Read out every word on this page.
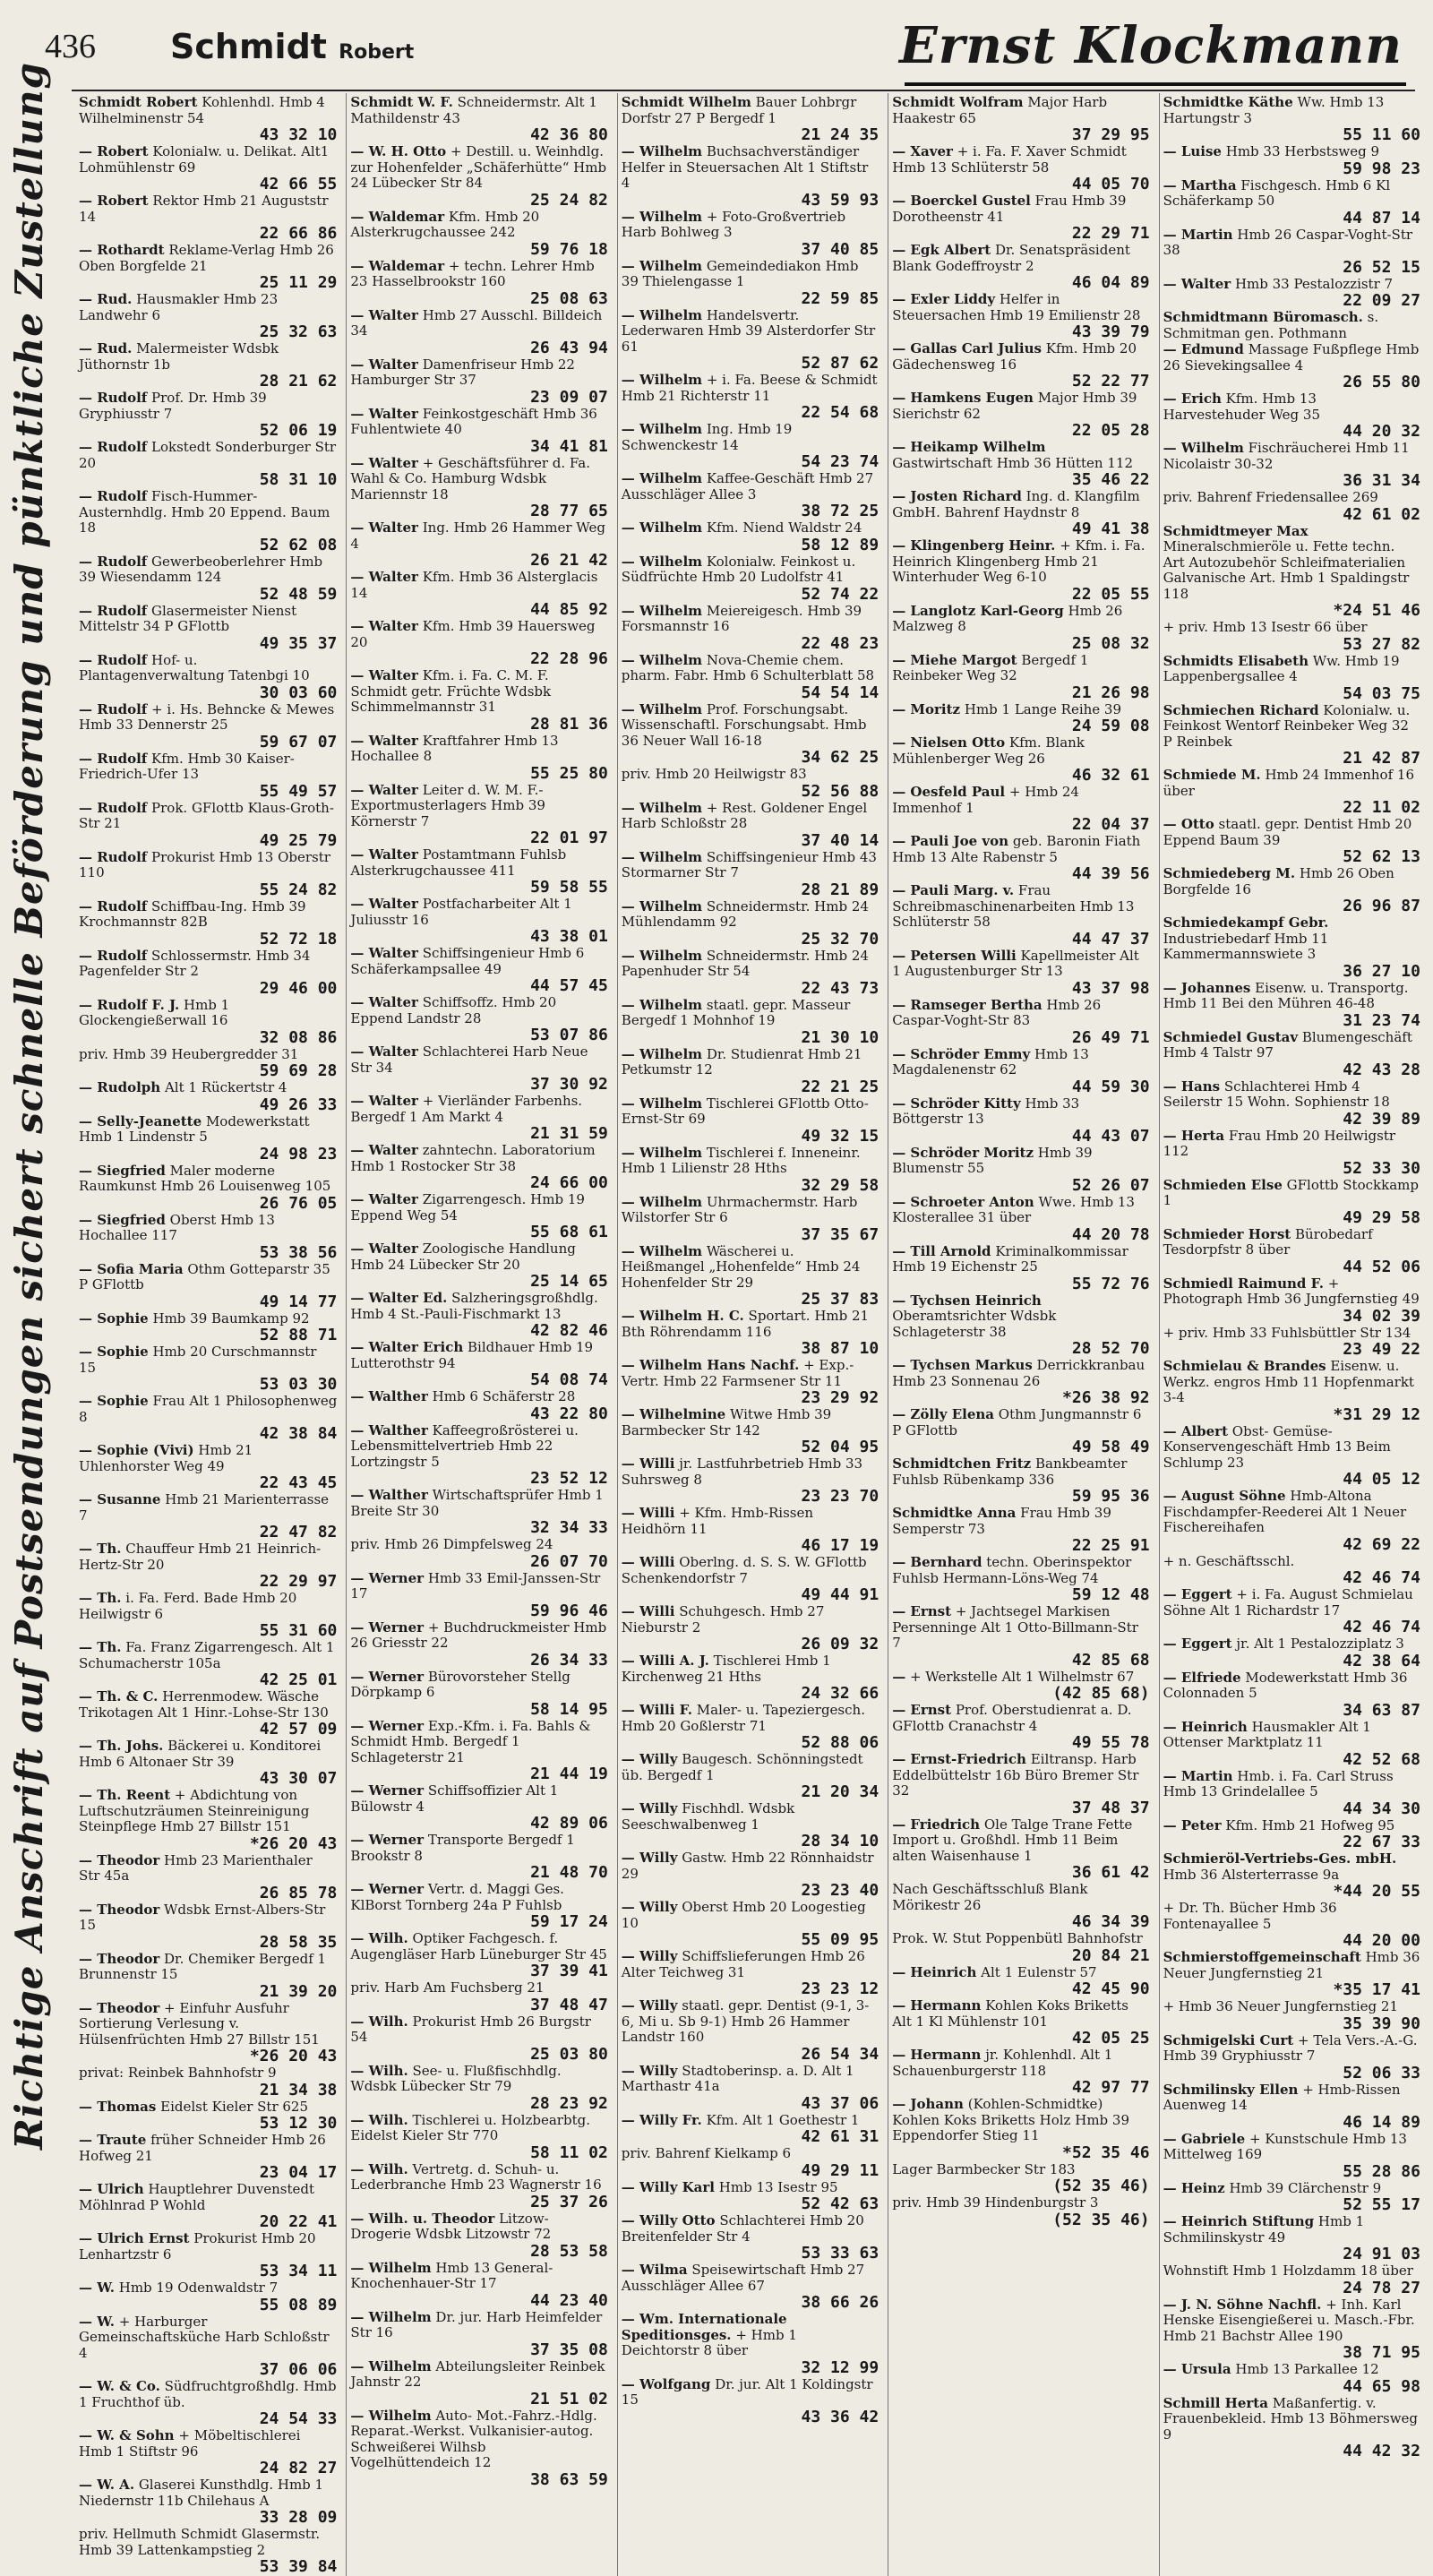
436 Schmidt Robert	Ernst Klockmann
Richtige Anschrift auf Postsendungen sichert schnelle Beförderung und pünktliche Zustellung	Schmidt Robert Kohlenhdl. Hmb 4 Wilhelminenstr 54
43 32 10
— Robert Kolonialw. u. Delikat. Alt1 Lohmühlenstr 69
42 66 55
— Robert Rektor Hmb 21 Auguststr 14
22 66 86
— Rothardt Reklame-Verlag Hmb 26 Oben Borgfelde 21
25 11 29
— Rud. Hausmakler Hmb 23 Landwehr 6
25 32 63
— Rud. Malermeister Wdsbk Jüthornstr 1b
28 21 62
— Rudolf Prof. Dr. Hmb 39 Gryphiusstr 7
52 06 19
— Rudolf Lokstedt Sonderburger Str 20
58 31 10
— Rudolf Fisch-Hummer-Austernhdlg. Hmb 20 Eppend. Baum 18
52 62 08
— Rudolf Gewerbeoberlehrer Hmb 39 Wiesendamm 124
52 48 59
— Rudolf Glasermeister Nienst Mittelstr 34 P GFlottb
49 35 37
— Rudolf Hof- u. Plantagenverwaltung Tatenbgi 10
30 03 60
— Rudolf + i. Hs. Behncke & Mewes Hmb 33 Dennerstr 25
59 67 07
— Rudolf Kfm. Hmb 30 Kaiser-Friedrich-Ufer 13
55 49 57
— Rudolf Prok. GFlottb Klaus-Groth-Str 21
49 25 79
— Rudolf Prokurist Hmb 13 Oberstr 110
55 24 82
— Rudolf Schiffbau-Ing. Hmb 39 Krochmannstr 82B
52 72 18
— Rudolf Schlossermstr. Hmb 34 Pagenfelder Str 2
29 46 00
— Rudolf F. J. Hmb 1 Glockengießerwall 16
32 08 86
priv. Hmb 39 Heubergredder 31
59 69 28
— Rudolph Alt 1 Rückertstr 4
49 26 33
— Selly-Jeanette Modewerkstatt Hmb 1 Lindenstr 5
24 98 23
— Siegfried Maler moderne Raumkunst Hmb 26 Louisenweg 105
26 76 05
— Siegfried Oberst Hmb 13 Hochallee 117
53 38 56
— Sofia Maria Othm Gotteparstr 35 P GFlottb
49 14 77
— Sophie Hmb 39 Baumkamp 92
52 88 71
— Sophie Hmb 20 Curschmannstr 15
53 03 30
— Sophie Frau Alt 1 Philosophenweg 8
42 38 84
— Sophie (Vivi) Hmb 21 Uhlenhorster Weg 49
22 43 45
— Susanne Hmb 21 Marienterrasse 7
22 47 82
— Th. Chauffeur Hmb 21 Heinrich-Hertz-Str 20
22 29 97
— Th. i. Fa. Ferd. Bade Hmb 20 Heilwigstr 6
55 31 60
— Th. Fa. Franz Zigarrengesch. Alt 1 Schumacherstr 105a
42 25 01
— Th. & C. Herrenmodew. Wäsche Trikotagen Alt 1 Hinr.-Lohse-Str 130
42 57 09
— Th. Johs. Bäckerei u. Konditorei Hmb 6 Altonaer Str 39
43 30 07
— Th. Reent + Abdichtung von Luftschutzräumen Steinreinigung Steinpflege Hmb 27 Billstr 151
*26 20 43
— Theodor Hmb 23 Marienthaler Str 45a
26 85 78
— Theodor Wdsbk Ernst-Albers-Str 15
28 58 35
— Theodor Dr. Chemiker Bergedf 1 Brunnenstr 15
21 39 20
— Theodor + Einfuhr Ausfuhr Sortierung Verlesung v. Hülsenfrüchten Hmb 27 Billstr 151
*26 20 43
privat: Reinbek Bahnhofstr 9
21 34 38
— Thomas Eidelst Kieler Str 625
53 12 30
— Traute früher Schneider Hmb 26 Hofweg 21
23 04 17
— Ulrich Hauptlehrer Duvenstedt Möhlnrad P Wohld
20 22 41
— Ulrich Ernst Prokurist Hmb 20 Lenhartzstr 6
53 34 11
— W. Hmb 19 Odenwaldstr 7
55 08 89
— W. + Harburger Gemeinschaftsküche Harb Schloßstr 4
37 06 06
— W. & Co. Südfruchtgroßhdlg. Hmb 1 Fruchthof üb.
24 54 33
— W. & Sohn + Möbeltischlerei Hmb 1 Stiftstr 96
24 82 27
— W. A. Glaserei Kunsthdlg. Hmb 1 Niedernstr 11b Chilehaus A
33 28 09
priv. Hellmuth Schmidt Glasermstr. Hmb 39 Lattenkampstieg 2
53 39 84
Schmidt W. F. Schneidermstr. Alt 1 Mathildenstr 43
42 36 80
— W. H. Otto + Destill. u. Weinhdlg. zur Hohenfelder „Schäferhütte“ Hmb 24 Lübecker Str 84
25 24 82
— Waldemar Kfm. Hmb 20 Alsterkrugchaussee 242
59 76 18
— Waldemar + techn. Lehrer Hmb 23 Hasselbrookstr 160
25 08 63
— Walter Hmb 27 Ausschl. Billdeich 34
26 43 94
— Walter Damenfriseur Hmb 22 Hamburger Str 37
23 09 07
— Walter Feinkostgeschäft Hmb 36 Fuhlentwiete 40
34 41 81
— Walter + Geschäftsführer d. Fa. Wahl & Co. Hamburg Wdsbk Mariennstr 18
28 77 65
— Walter Ing. Hmb 26 Hammer Weg 4
26 21 42
— Walter Kfm. Hmb 36 Alsterglacis 14
44 85 92
— Walter Kfm. Hmb 39 Hauersweg 20
22 28 96
— Walter Kfm. i. Fa. C. M. F. Schmidt getr. Früchte Wdsbk Schimmelmannstr 31
28 81 36
— Walter Kraftfahrer Hmb 13 Hochallee 8
55 25 80
— Walter Leiter d. W. M. F.-Exportmusterlagers Hmb 39 Körnerstr 7
22 01 97
— Walter Postamtmann Fuhlsb Alsterkrugchaussee 411
59 58 55
— Walter Postfacharbeiter Alt 1 Juliusstr 16
43 38 01
— Walter Schiffsingenieur Hmb 6 Schäferkampsallee 49
44 57 45
— Walter Schiffsoffz. Hmb 20 Eppend Landstr 28
53 07 86
— Walter Schlachterei Harb Neue Str 34
37 30 92
— Walter + Vierländer Farbenhs. Bergedf 1 Am Markt 4
21 31 59
— Walter zahntechn. Laboratorium Hmb 1 Rostocker Str 38
24 66 00
— Walter Zigarrengesch. Hmb 19 Eppend Weg 54
55 68 61
— Walter Zoologische Handlung Hmb 24 Lübecker Str 20
25 14 65
— Walter Ed. Salzheringsgroßhdlg. Hmb 4 St.-Pauli-Fischmarkt 13
42 82 46
— Walter Erich Bildhauer Hmb 19 Lutterothstr 94
54 08 74
— Walther Hmb 6 Schäferstr 28
43 22 80
— Walther Kaffeegroßrösterei u. Lebensmittelvertrieb Hmb 22 Lortzingstr 5
23 52 12
— Walther Wirtschaftsprüfer Hmb 1 Breite Str 30
32 34 33
priv. Hmb 26 Dimpfelsweg 24
26 07 70
— Werner Hmb 33 Emil-Janssen-Str 17
59 96 46
— Werner + Buchdruckmeister Hmb 26 Griesstr 22
26 34 33
— Werner Bürovorsteher Stellg Dörpkamp 6
58 14 95
— Werner Exp.-Kfm. i. Fa. Bahls & Schmidt Hmb. Bergedf 1 Schlageterstr 21
21 44 19
— Werner Schiffsoffizier Alt 1 Bülowstr 4
42 89 06
— Werner Transporte Bergedf 1 Brookstr 8
21 48 70
— Werner Vertr. d. Maggi Ges. KlBorst Tornberg 24a P Fuhlsb
59 17 24
— Wilh. Optiker Fachgesch. f. Augengläser Harb Lüneburger Str 45
37 39 41
priv. Harb Am Fuchsberg 21
37 48 47
— Wilh. Prokurist Hmb 26 Burgstr 54
25 03 80
— Wilh. See- u. Flußfischhdlg. Wdsbk Lübecker Str 79
28 23 92
— Wilh. Tischlerei u. Holzbearbtg. Eidelst Kieler Str 770
58 11 02
— Wilh. Vertretg. d. Schuh- u. Lederbranche Hmb 23 Wagnerstr 16
25 37 26
— Wilh. u. Theodor Litzow-Drogerie Wdsbk Litzowstr 72
28 53 58
— Wilhelm Hmb 13 General-Knochenhauer-Str 17
44 23 40
— Wilhelm Dr. jur. Harb Heimfelder Str 16
37 35 08
— Wilhelm Abteilungsleiter Reinbek Jahnstr 22
21 51 02
— Wilhelm Auto- Mot.-Fahrz.-Hdlg. Reparat.-Werkst. Vulkanisier-autog. Schweißerei Wilhsb Vogelhüttendeich 12
38 63 59
Schmidt Wilhelm Bauer Lohbrgr Dorfstr 27 P Bergedf 1
21 24 35
— Wilhelm Buchsachverständiger Helfer in Steuersachen Alt 1 Stiftstr 4
43 59 93
— Wilhelm + Foto-Großvertrieb Harb Bohlweg 3
37 40 85
— Wilhelm Gemeindediakon Hmb 39 Thielengasse 1
22 59 85
— Wilhelm Handelsvertr. Lederwaren Hmb 39 Alsterdorfer Str 61
52 87 62
— Wilhelm + i. Fa. Beese & Schmidt Hmb 21 Richterstr 11
22 54 68
— Wilhelm Ing. Hmb 19 Schwenckestr 14
54 23 74
— Wilhelm Kaffee-Geschäft Hmb 27 Ausschläger Allee 3
38 72 25
— Wilhelm Kfm. Niend Waldstr 24
58 12 89
— Wilhelm Kolonialw. Feinkost u. Südfrüchte Hmb 20 Ludolfstr 41
52 74 22
— Wilhelm Meiereigesch. Hmb 39 Forsmannstr 16
22 48 23
— Wilhelm Nova-Chemie chem. pharm. Fabr. Hmb 6 Schulterblatt 58
54 54 14
— Wilhelm Prof. Forschungsabt. Wissenschaftl. Forschungsabt. Hmb 36 Neuer Wall 16-18
34 62 25
priv. Hmb 20 Heilwigstr 83
52 56 88
— Wilhelm + Rest. Goldener Engel Harb Schloßstr 28
37 40 14
— Wilhelm Schiffsingenieur Hmb 43 Stormarner Str 7
28 21 89
— Wilhelm Schneidermstr. Hmb 24 Mühlendamm 92
25 32 70
— Wilhelm Schneidermstr. Hmb 24 Papenhuder Str 54
22 43 73
— Wilhelm staatl. gepr. Masseur Bergedf 1 Mohnhof 19
21 30 10
— Wilhelm Dr. Studienrat Hmb 21 Petkumstr 12
22 21 25
— Wilhelm Tischlerei GFlottb Otto-Ernst-Str 69
49 32 15
— Wilhelm Tischlerei f. Inneneinr. Hmb 1 Lilienstr 28 Hths
32 29 58
— Wilhelm Uhrmachermstr. Harb Wilstorfer Str 6
37 35 67
— Wilhelm Wäscherei u. Heißmangel „Hohenfelde“ Hmb 24 Hohenfelder Str 29
25 37 83
— Wilhelm H. C. Sportart. Hmb 21 Bth Röhrendamm 116
38 87 10
— Wilhelm Hans Nachf. + Exp.-Vertr. Hmb 22 Farmsener Str 11
23 29 92
— Wilhelmine Witwe Hmb 39 Barmbecker Str 142
52 04 95
— Willi jr. Lastfuhrbetrieb Hmb 33 Suhrsweg 8
23 23 70
— Willi + Kfm. Hmb-Rissen Heidhörn 11
46 17 19
— Willi Oberlng. d. S. S. W. GFlottb Schenkendorfstr 7
49 44 91
— Willi Schuhgesch. Hmb 27 Nieburstr 2
26 09 32
— Willi A. J. Tischlerei Hmb 1 Kirchenweg 21 Hths
24 32 66
— Willi F. Maler- u. Tapeziergesch. Hmb 20 Goßlerstr 71
52 88 06
— Willy Baugesch. Schönningstedt üb. Bergedf 1
21 20 34
— Willy Fischhdl. Wdsbk Seeschwalbenweg 1
28 34 10
— Willy Gastw. Hmb 22 Rönnhaidstr 29
23 23 40
— Willy Oberst Hmb 20 Loogestieg 10
55 09 95
— Willy Schiffslieferungen Hmb 26 Alter Teichweg 31
23 23 12
— Willy staatl. gepr. Dentist (9-1, 3-6, Mi u. Sb 9-1) Hmb 26 Hammer Landstr 160
26 54 34
— Willy Stadtoberinsp. a. D. Alt 1 Marthastr 41a
43 37 06
— Willy Fr. Kfm. Alt 1 Goethestr 1
42 61 31
priv. Bahrenf Kielkamp 6
49 29 11
— Willy Karl Hmb 13 Isestr 95
52 42 63
— Willy Otto Schlachterei Hmb 20 Breitenfelder Str 4
53 33 63
— Wilma Speisewirtschaft Hmb 27 Ausschläger Allee 67
38 66 26
— Wm. Internationale Speditionsges. + Hmb 1 Deichtorstr 8 über
32 12 99
— Wolfgang Dr. jur. Alt 1 Koldingstr 15
43 36 42
Schmidt Wolfram Major Harb Haakestr 65
37 29 95
— Xaver + i. Fa. F. Xaver Schmidt Hmb 13 Schlüterstr 58
44 05 70
— Boerckel Gustel Frau Hmb 39 Dorotheenstr 41
22 29 71
— Egk Albert Dr. Senatspräsident Blank Godeffroystr 2
46 04 89
— Exler Liddy Helfer in Steuersachen Hmb 19 Emilienstr 28
43 39 79
— Gallas Carl Julius Kfm. Hmb 20 Gädechensweg 16
52 22 77
— Hamkens Eugen Major Hmb 39 Sierichstr 62
22 05 28
— Heikamp Wilhelm Gastwirtschaft Hmb 36 Hütten 112
35 46 22
— Josten Richard Ing. d. Klangfilm GmbH. Bahrenf Haydnstr 8
49 41 38
— Klingenberg Heinr. + Kfm. i. Fa. Heinrich Klingenberg Hmb 21 Winterhuder Weg 6-10
22 05 55
— Langlotz Karl-Georg Hmb 26 Malzweg 8
25 08 32
— Miehe Margot Bergedf 1 Reinbeker Weg 32
21 26 98
— Moritz Hmb 1 Lange Reihe 39
24 59 08
— Nielsen Otto Kfm. Blank Mühlenberger Weg 26
46 32 61
— Oesfeld Paul + Hmb 24 Immenhof 1
22 04 37
— Pauli Joe von geb. Baronin Fiath Hmb 13 Alte Rabenstr 5
44 39 56
— Pauli Marg. v. Frau Schreibmaschinenarbeiten Hmb 13 Schlüterstr 58
44 47 37
— Petersen Willi Kapellmeister Alt 1 Augustenburger Str 13
43 37 98
— Ramseger Bertha Hmb 26 Caspar-Voght-Str 83
26 49 71
— Schröder Emmy Hmb 13 Magdalenenstr 62
44 59 30
— Schröder Kitty Hmb 33 Böttgerstr 13
44 43 07
— Schröder Moritz Hmb 39 Blumenstr 55
52 26 07
— Schroeter Anton Wwe. Hmb 13 Klosterallee 31 über
44 20 78
— Till Arnold Kriminalkommissar Hmb 19 Eichenstr 25
55 72 76
— Tychsen Heinrich Oberamtsrichter Wdsbk Schlageterstr 38
28 52 70
— Tychsen Markus Derrickkranbau Hmb 23 Sonnenau 26
*26 38 92
— Zölly Elena Othm Jungmannstr 6 P GFlottb
49 58 49
Schmidtchen Fritz Bankbeamter Fuhlsb Rübenkamp 336
59 95 36
Schmidtke Anna Frau Hmb 39 Semperstr 73
22 25 91
— Bernhard techn. Oberinspektor Fuhlsb Hermann-Löns-Weg 74
59 12 48
— Ernst + Jachtsegel Markisen Persenninge Alt 1 Otto-Billmann-Str 7
42 85 68
— + Werkstelle Alt 1 Wilhelmstr 67
(42 85 68)
— Ernst Prof. Oberstudienrat a. D. GFlottb Cranachstr 4
49 55 78
— Ernst-Friedrich Eiltransp. Harb Eddelbüttelstr 16b Büro Bremer Str 32
37 48 37
— Friedrich Ole Talge Trane Fette Import u. Großhdl. Hmb 11 Beim alten Waisenhause 1
36 61 42
Nach Geschäftsschluß Blank Mörikestr 26
46 34 39
Prok. W. Stut Poppenbütl Bahnhofstr
20 84 21
— Heinrich Alt 1 Eulenstr 57
42 45 90
— Hermann Kohlen Koks Briketts Alt 1 Kl Mühlenstr 101
42 05 25
— Hermann jr. Kohlenhdl. Alt 1 Schauenburgerstr 118
42 97 77
— Johann (Kohlen-Schmidtke) Kohlen Koks Briketts Holz Hmb 39 Eppendorfer Stieg 11
*52 35 46
Lager Barmbecker Str 183
(52 35 46)
priv. Hmb 39 Hindenburgstr 3
(52 35 46)
Schmidtke Käthe Ww. Hmb 13 Hartungstr 3
55 11 60
— Luise Hmb 33 Herbstsweg 9
59 98 23
— Martha Fischgesch. Hmb 6 Kl Schäferkamp 50
44 87 14
— Martin Hmb 26 Caspar-Voght-Str 38
26 52 15
— Walter Hmb 33 Pestalozzistr 7
22 09 27
Schmidtmann Büromasch. s. Schmitman gen. Pothmann
— Edmund Massage Fußpflege Hmb 26 Sievekingsallee 4
26 55 80
— Erich Kfm. Hmb 13 Harvestehuder Weg 35
44 20 32
— Wilhelm Fischräucherei Hmb 11 Nicolaistr 30-32
36 31 34
priv. Bahrenf Friedensallee 269
42 61 02
Schmidtmeyer Max Mineralschmieröle u. Fette techn. Art Autozubehör Schleifmaterialien Galvanische Art. Hmb 1 Spaldingstr 118
*24 51 46
+ priv. Hmb 13 Isestr 66 über
53 27 82
Schmidts Elisabeth Ww. Hmb 19 Lappenbergsallee 4
54 03 75
Schmiechen Richard Kolonialw. u. Feinkost Wentorf Reinbeker Weg 32 P Reinbek
21 42 87
Schmiede M. Hmb 24 Immenhof 16 über
22 11 02
— Otto staatl. gepr. Dentist Hmb 20 Eppend Baum 39
52 62 13
Schmiedeberg M. Hmb 26 Oben Borgfelde 16
26 96 87
Schmiedekampf Gebr. Industriebedarf Hmb 11 Kammermannswiete 3
36 27 10
— Johannes Eisenw. u. Transportg. Hmb 11 Bei den Mühren 46-48
31 23 74
Schmiedel Gustav Blumengeschäft Hmb 4 Talstr 97
42 43 28
— Hans Schlachterei Hmb 4 Seilerstr 15 Wohn. Sophienstr 18
42 39 89
— Herta Frau Hmb 20 Heilwigstr 112
52 33 30
Schmieden Else GFlottb Stockkamp 1
49 29 58
Schmieder Horst Bürobedarf Tesdorpfstr 8 über
44 52 06
Schmiedl Raimund F. + Photograph Hmb 36 Jungfernstieg 49
34 02 39
+ priv. Hmb 33 Fuhlsbüttler Str 134
23 49 22
Schmielau & Brandes Eisenw. u. Werkz. engros Hmb 11 Hopfenmarkt 3-4
*31 29 12
— Albert Obst- Gemüse- Konservengeschäft Hmb 13 Beim Schlump 23
44 05 12
— August Söhne Hmb-Altona Fischdampfer-Reederei Alt 1 Neuer Fischereihafen
42 69 22
+ n. Geschäftsschl.
42 46 74
— Eggert + i. Fa. August Schmielau Söhne Alt 1 Richardstr 17
42 46 74
— Eggert jr. Alt 1 Pestalozziplatz 3
42 38 64
— Elfriede Modewerkstatt Hmb 36 Colonnaden 5
34 63 87
— Heinrich Hausmakler Alt 1 Ottenser Marktplatz 11
42 52 68
— Martin Hmb. i. Fa. Carl Struss Hmb 13 Grindelallee 5
44 34 30
— Peter Kfm. Hmb 21 Hofweg 95
22 67 33
Schmieröl-Vertriebs-Ges. mbH. Hmb 36 Alsterterrasse 9a
*44 20 55
+ Dr. Th. Bücher Hmb 36 Fontenayallee 5
44 20 00
Schmierstoffgemeinschaft Hmb 36 Neuer Jungfernstieg 21
*35 17 41
+ Hmb 36 Neuer Jungfernstieg 21
35 39 90
Schmigelski Curt + Tela Vers.-A.-G. Hmb 39 Gryphiusstr 7
52 06 33
Schmilinsky Ellen + Hmb-Rissen Auenweg 14
46 14 89
— Gabriele + Kunstschule Hmb 13 Mittelweg 169
55 28 86
— Heinz Hmb 39 Clärchenstr 9
52 55 17
— Heinrich Stiftung Hmb 1 Schmilinskystr 49
24 91 03
Wohnstift Hmb 1 Holzdamm 18 über
24 78 27
— J. N. Söhne Nachfl. + Inh. Karl Henske Eisengießerei u. Masch.-Fbr. Hmb 21 Bachstr Allee 190
38 71 95
— Ursula Hmb 13 Parkallee 12
44 65 98
Schmill Herta Maßanfertig. v. Frauenbekleid. Hmb 13 Böhmersweg 9
44 42 32
